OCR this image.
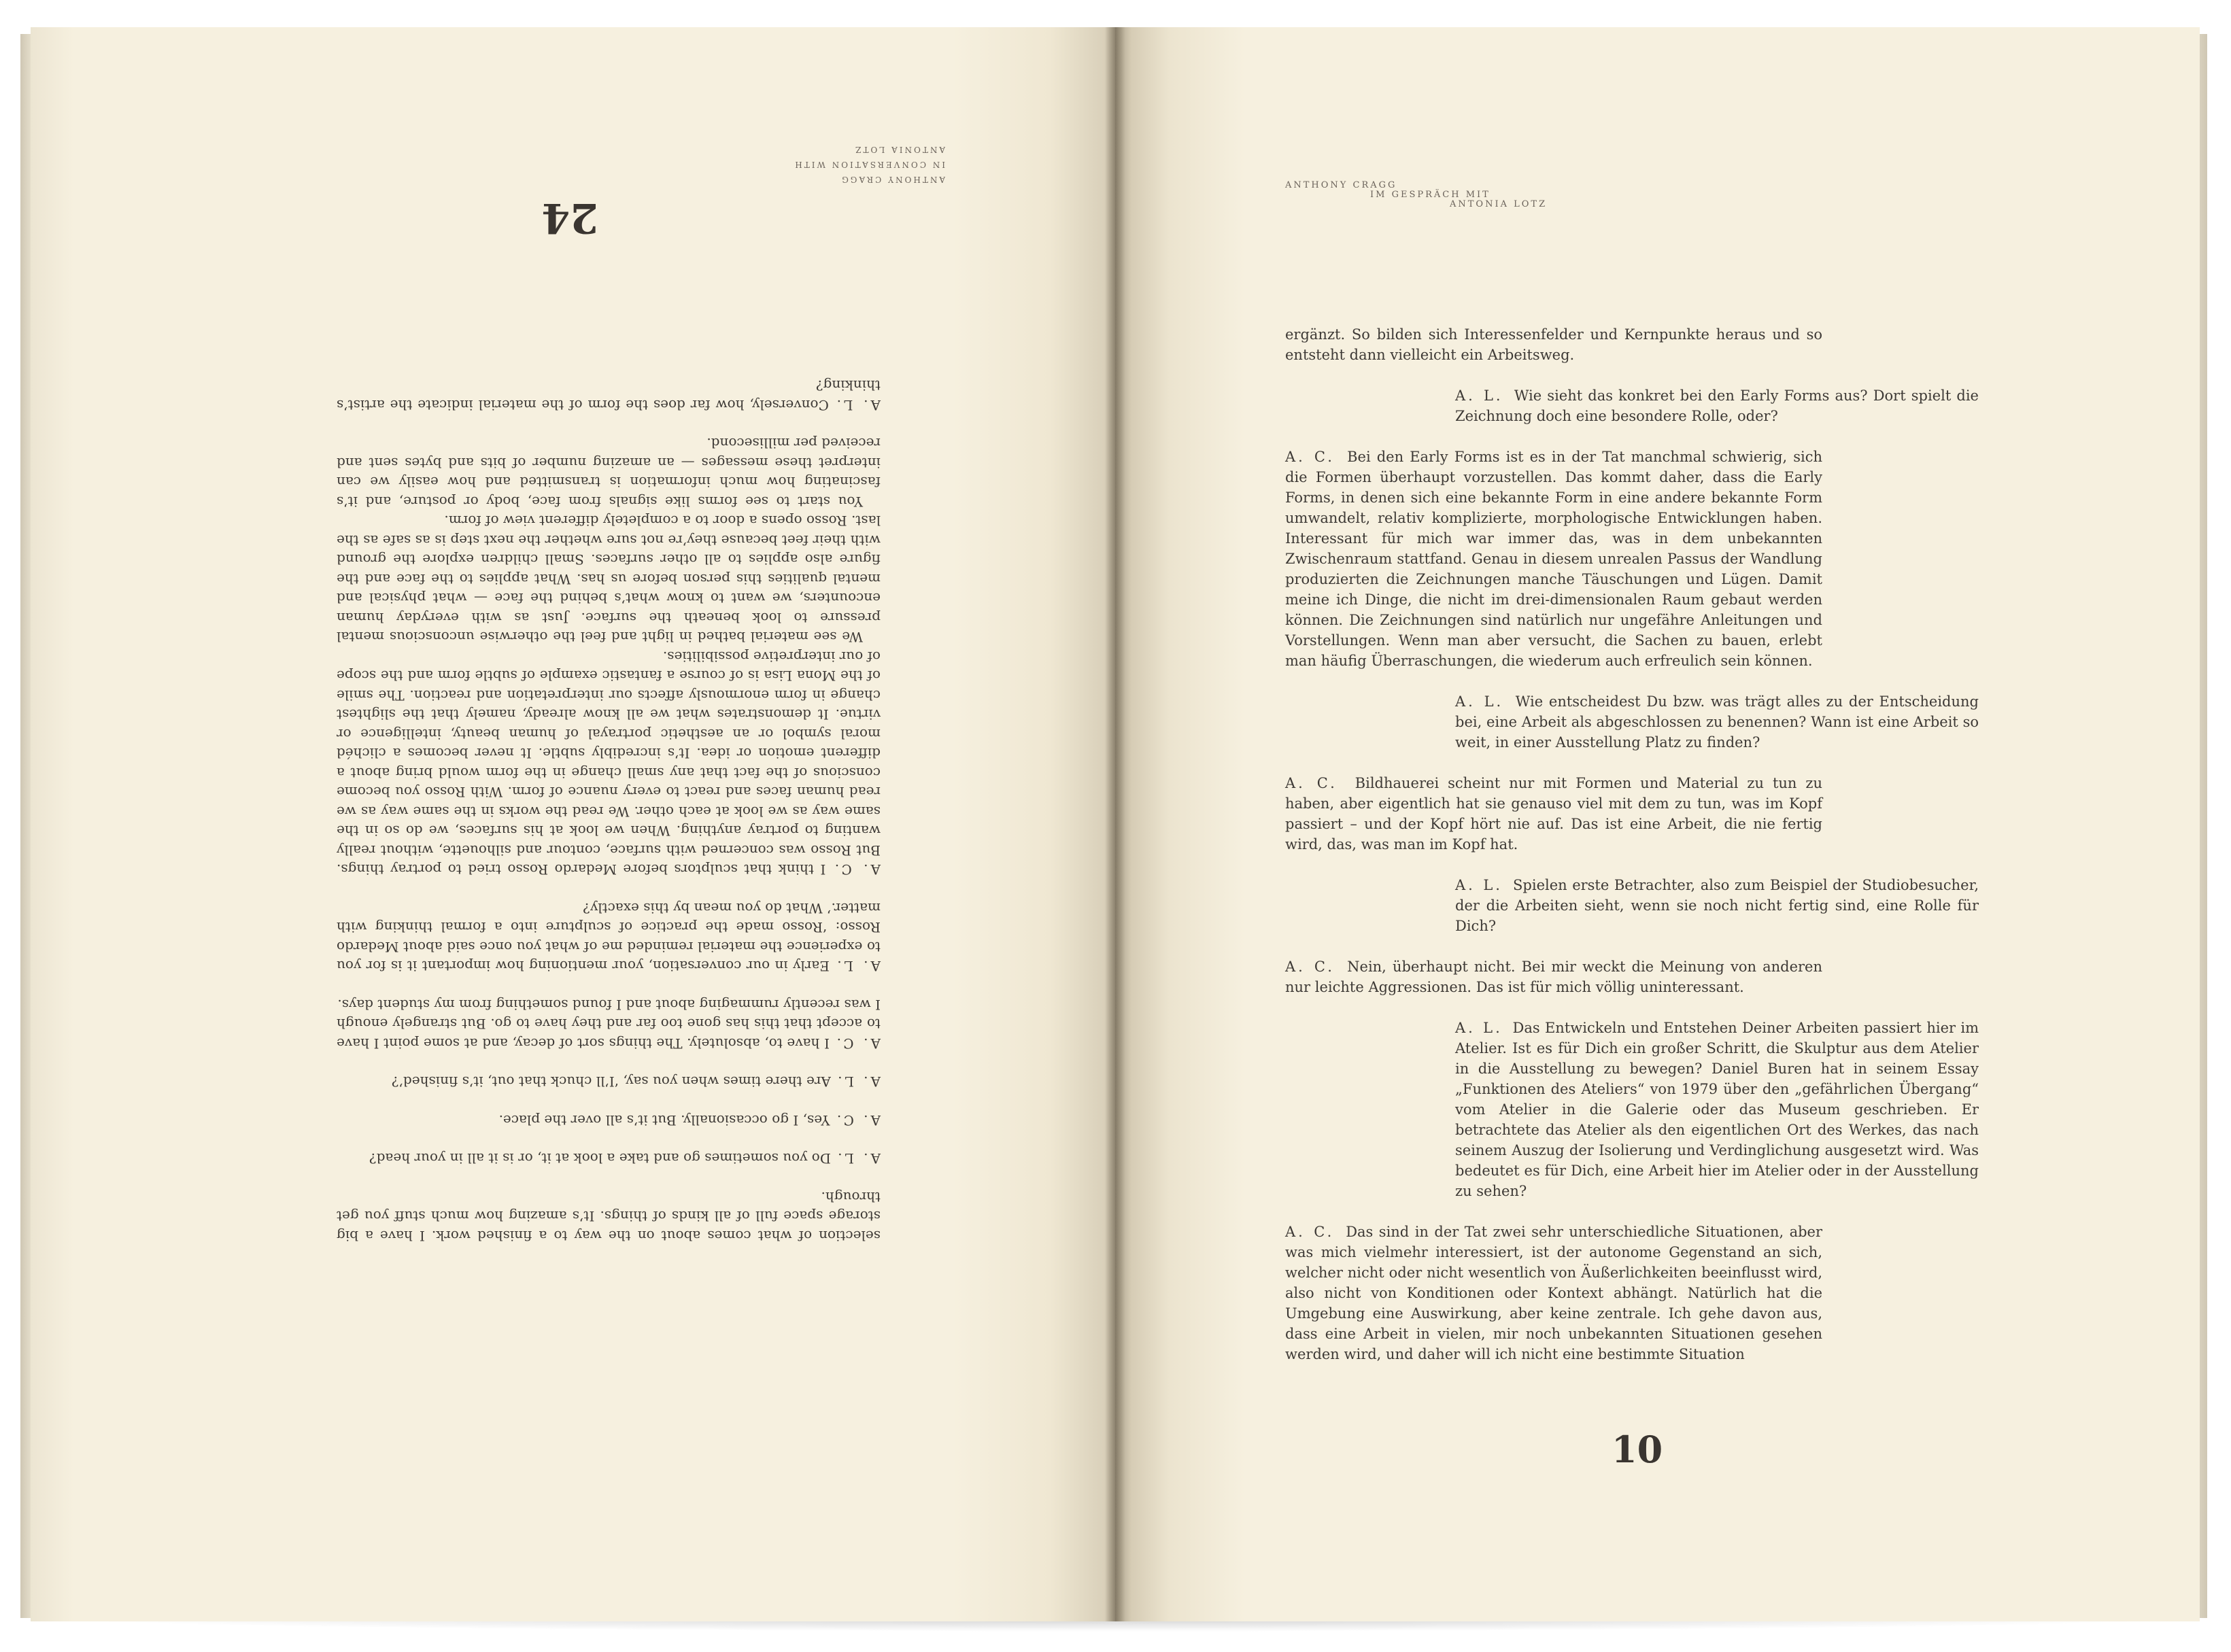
ANTHONY CRAGG
IN CONVERSATION WITH
ANTONIA LOTZ

selection of what comes about on the way to a finished work. I have a big storage space full of all kinds of things. It’s amazing how much stuff you get through.

A. L. Do you sometimes go and take a look at it, or is it all in your head?

A. C. Yes, I go occasionally. But it’s all over the place.

A. L. Are there times when you say, ‘I’ll chuck that out, it’s finished’?

A. C. I have to, absolutely. The things sort of decay, and at some point I have to accept that this has gone too far and they have to go. But strangely enough I was recently rummaging about and I found something from my student days.

A. L. Early in our conversation, your mentioning how important it is for you to experience the material reminded me of what you once said about Medardo Rosso: ‘Rosso made the practice of sculpture into a formal thinking with matter.’ What do you mean by this exactly?

A. C. I think that sculptors before Medardo Rosso tried to portray things. But Rosso was concerned with surface, contour and silhouette, without really wanting to portray anything. When we look at his surfaces, we do so in the same way as we look at each other. We read the works in the same way as we read human faces and react to every nuance of form. With Rosso you become conscious of the fact that any small change in the form would bring about a different emotion or idea. It’s incredibly subtle. It never becomes a clichéd moral symbol or an aesthetic portrayal of human beauty, intelligence or virtue. It demonstrates what we all know already, namely that the slightest change in form enormously affects our interpretation and reaction. The smile of the Mona Lisa is of course a fantastic example of subtle form and the scope of our interpretive possibilities.

We see material bathed in light and feel the otherwise unconscious mental pressure to look beneath the surface. Just as with everyday human encounters, we want to know what’s behind the face — what physical and mental qualities this person before us has. What applies to the face and the figure also applies to all other surfaces. Small children explore the ground with their feet because they’re not sure whether the next step is as safe as the last. Rosso opens a door to a completely different view of form.

You start to see forms like signals from face, body or posture, and it’s fascinating how much information is transmitted and how easily we can interpret these messages — an amazing number of bits and bytes sent and received per millisecond.

A. L. Conversely, how far does the form of the material indicate the artist’s thinking?

24
ANTHONY CRAGG
IM GESPRÄCH MIT
ANTONIA LOTZ

ergänzt. So bilden sich Interessenfelder und Kernpunkte heraus und so entsteht dann vielleicht ein Arbeitsweg.

A. L. Wie sieht das konkret bei den Early Forms aus? Dort spielt die Zeichnung doch eine besondere Rolle, oder?

A. C. Bei den Early Forms ist es in der Tat manchmal schwierig, sich die Formen überhaupt vorzustellen. Das kommt daher, dass die Early Forms, in denen sich eine bekannte Form in eine andere bekannte Form umwandelt, relativ komplizierte, morphologische Entwicklungen haben. Interessant für mich war immer das, was in dem unbekannten Zwischenraum stattfand. Genau in diesem unrealen Passus der Wandlung produzierten die Zeichnungen manche Täuschungen und Lügen. Damit meine ich Dinge, die nicht im drei-dimensionalen Raum gebaut werden können. Die Zeichnungen sind natürlich nur ungefähre Anleitungen und Vorstellungen. Wenn man aber versucht, die Sachen zu bauen, erlebt man häufig Überraschungen, die wiederum auch erfreulich sein können.

A. L. Wie entscheidest Du bzw. was trägt alles zu der Entscheidung bei, eine Arbeit als abgeschlossen zu benennen? Wann ist eine Arbeit so weit, in einer Ausstellung Platz zu finden?

A. C. Bildhauerei scheint nur mit Formen und Material zu tun zu haben, aber eigentlich hat sie genauso viel mit dem zu tun, was im Kopf passiert – und der Kopf hört nie auf. Das ist eine Arbeit, die nie fertig wird, das, was man im Kopf hat.

A. L. Spielen erste Betrachter, also zum Beispiel der Studiobesucher, der die Arbeiten sieht, wenn sie noch nicht fertig sind, eine Rolle für Dich?

A. C. Nein, überhaupt nicht. Bei mir weckt die Meinung von anderen nur leichte Aggressionen. Das ist für mich völlig uninteressant.

A. L. Das Entwickeln und Entstehen Deiner Arbeiten passiert hier im Atelier. Ist es für Dich ein großer Schritt, die Skulptur aus dem Atelier in die Ausstellung zu bewegen? Daniel Buren hat in seinem Essay „Funktionen des Ateliers“ von 1979 über den „gefährlichen Übergang“ vom Atelier in die Galerie oder das Museum geschrieben. Er betrachtete das Atelier als den eigentlichen Ort des Werkes, das nach seinem Auszug der Isolierung und Verdinglichung ausgesetzt wird. Was bedeutet es für Dich, eine Arbeit hier im Atelier oder in der Ausstellung zu sehen?

A. C. Das sind in der Tat zwei sehr unterschiedliche Situationen, aber was mich vielmehr interessiert, ist der autonome Gegenstand an sich, welcher nicht oder nicht wesentlich von Äußerlichkeiten beeinflusst wird, also nicht von Konditionen oder Kontext abhängt. Natürlich hat die Umgebung eine Auswirkung, aber keine zentrale. Ich gehe davon aus, dass eine Arbeit in vielen, mir noch unbekannten Situationen gesehen werden wird, und daher will ich nicht eine bestimmte Situation

10
